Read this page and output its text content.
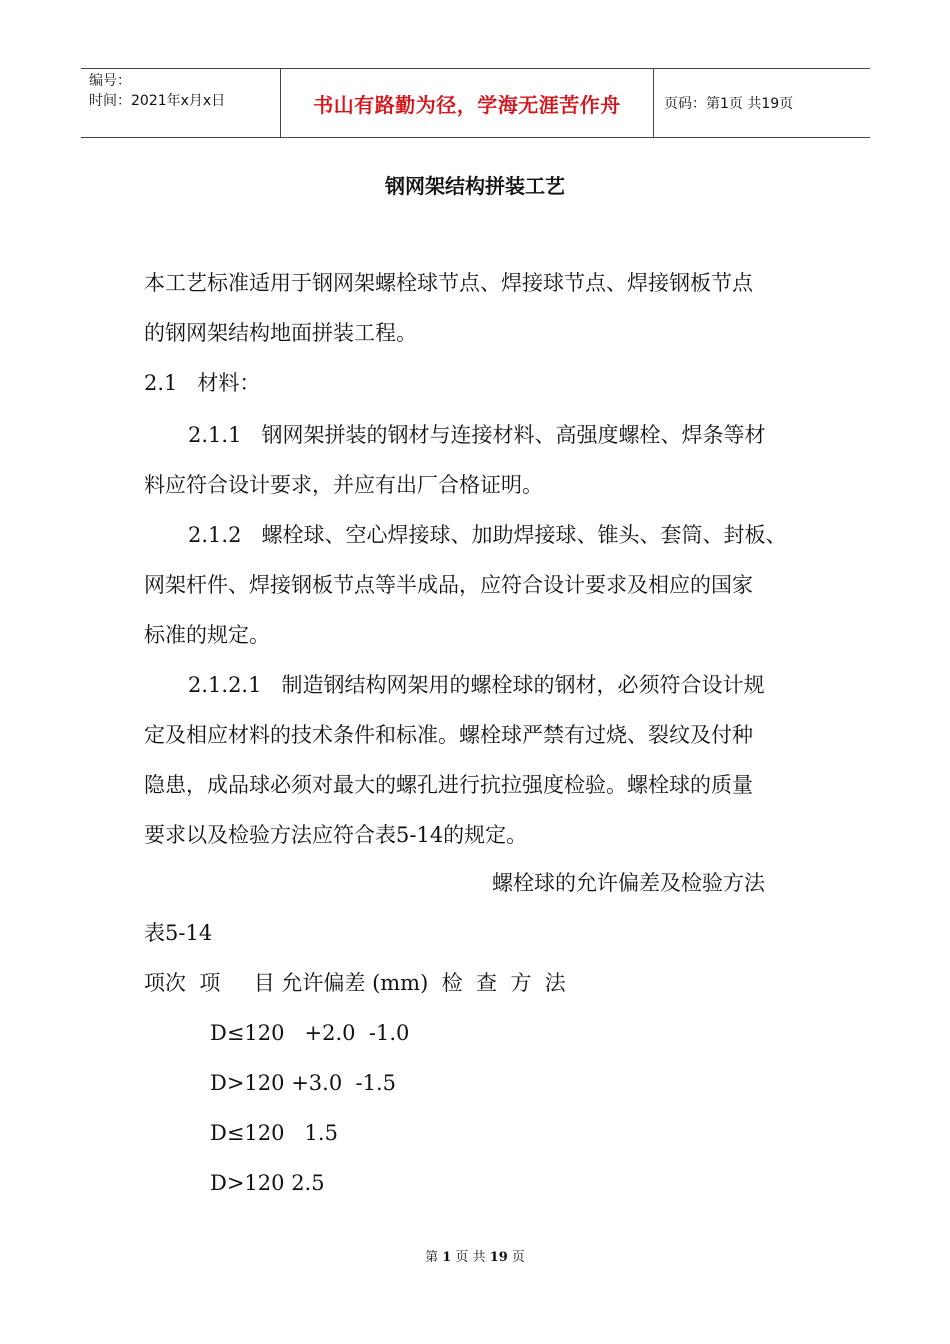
编号：
时间：2021年x月x日	书山有路勤为径，学海无涯苦作舟	页码：第1页 共19页
钢网架结构拼装工艺
本工艺标准适用于钢网架螺栓球节点、焊接球节点、焊接钢板节点
的钢网架结构地面拼装工程。
2.1   材料：
2.1.1   钢网架拼装的钢材与连接材料、高强度螺栓、焊条等材
料应符合设计要求，并应有出厂合格证明。
2.1.2   螺栓球、空心焊接球、加助焊接球、锥头、套筒、封板、
网架杆件、焊接钢板节点等半成品，应符合设计要求及相应的国家
标准的规定。
2.1.2.1   制造钢结构网架用的螺栓球的钢材，必须符合设计规
定及相应材料的技术条件和标准。螺栓球严禁有过烧、裂纹及付种
隐患，成品球必须对最大的螺孔进行抗拉强度检验。螺栓球的质量
要求以及检验方法应符合表5-14的规定。
螺栓球的允许偏差及检验方法
表5-14
项次  项     目 允许偏差 (mm)  检  查  方  法
D≤120   +2.0  -1.0
D>120 +3.0  -1.5
D≤120   1.5
D>120 2.5
第 1 页 共 19 页
